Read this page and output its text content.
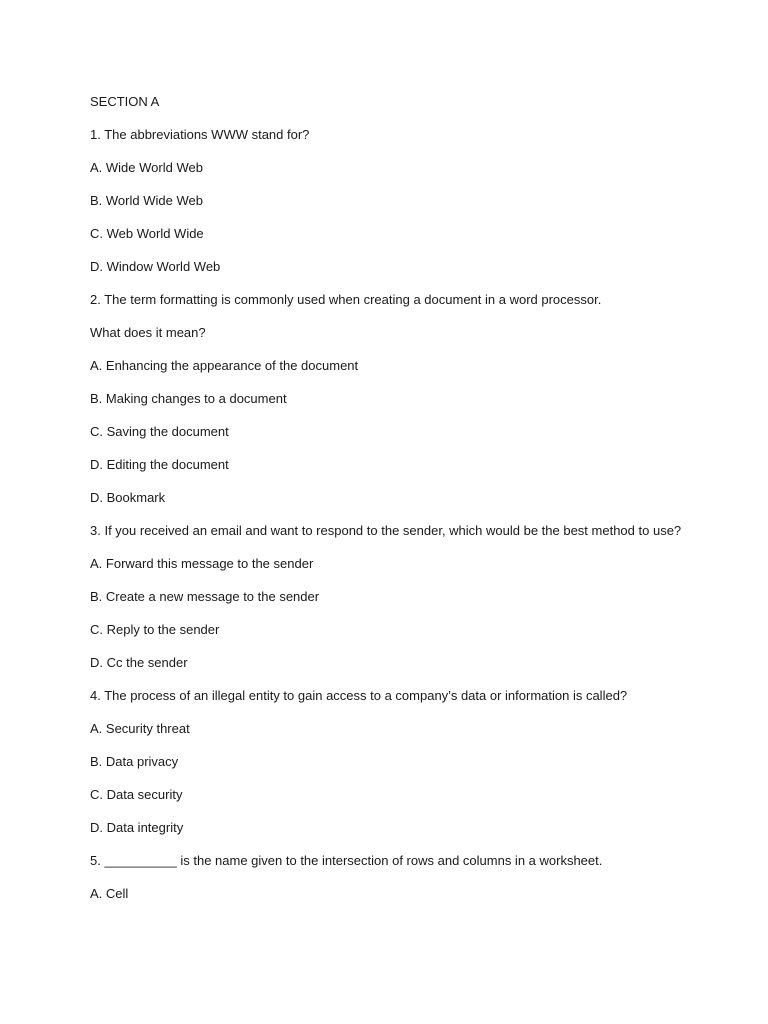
SECTION A
1. The abbreviations WWW stand for?
A. Wide World Web
B. World Wide Web
C. Web World Wide
D. Window World Web
2. The term formatting is commonly used when creating a document in a word processor.
What does it mean?
A. Enhancing the appearance of the document
B. Making changes to a document
C. Saving the document
D. Editing the document
D. Bookmark
3. If you received an email and want to respond to the sender, which would be the best method to use?
A. Forward this message to the sender
B. Create a new message to the sender
C. Reply to the sender
D. Cc the sender
4. The process of an illegal entity to gain access to a company’s data or information is called?
A. Security threat
B. Data privacy
C. Data security
D. Data integrity
5. __________ is the name given to the intersection of rows and columns in a worksheet.
A. Cell
